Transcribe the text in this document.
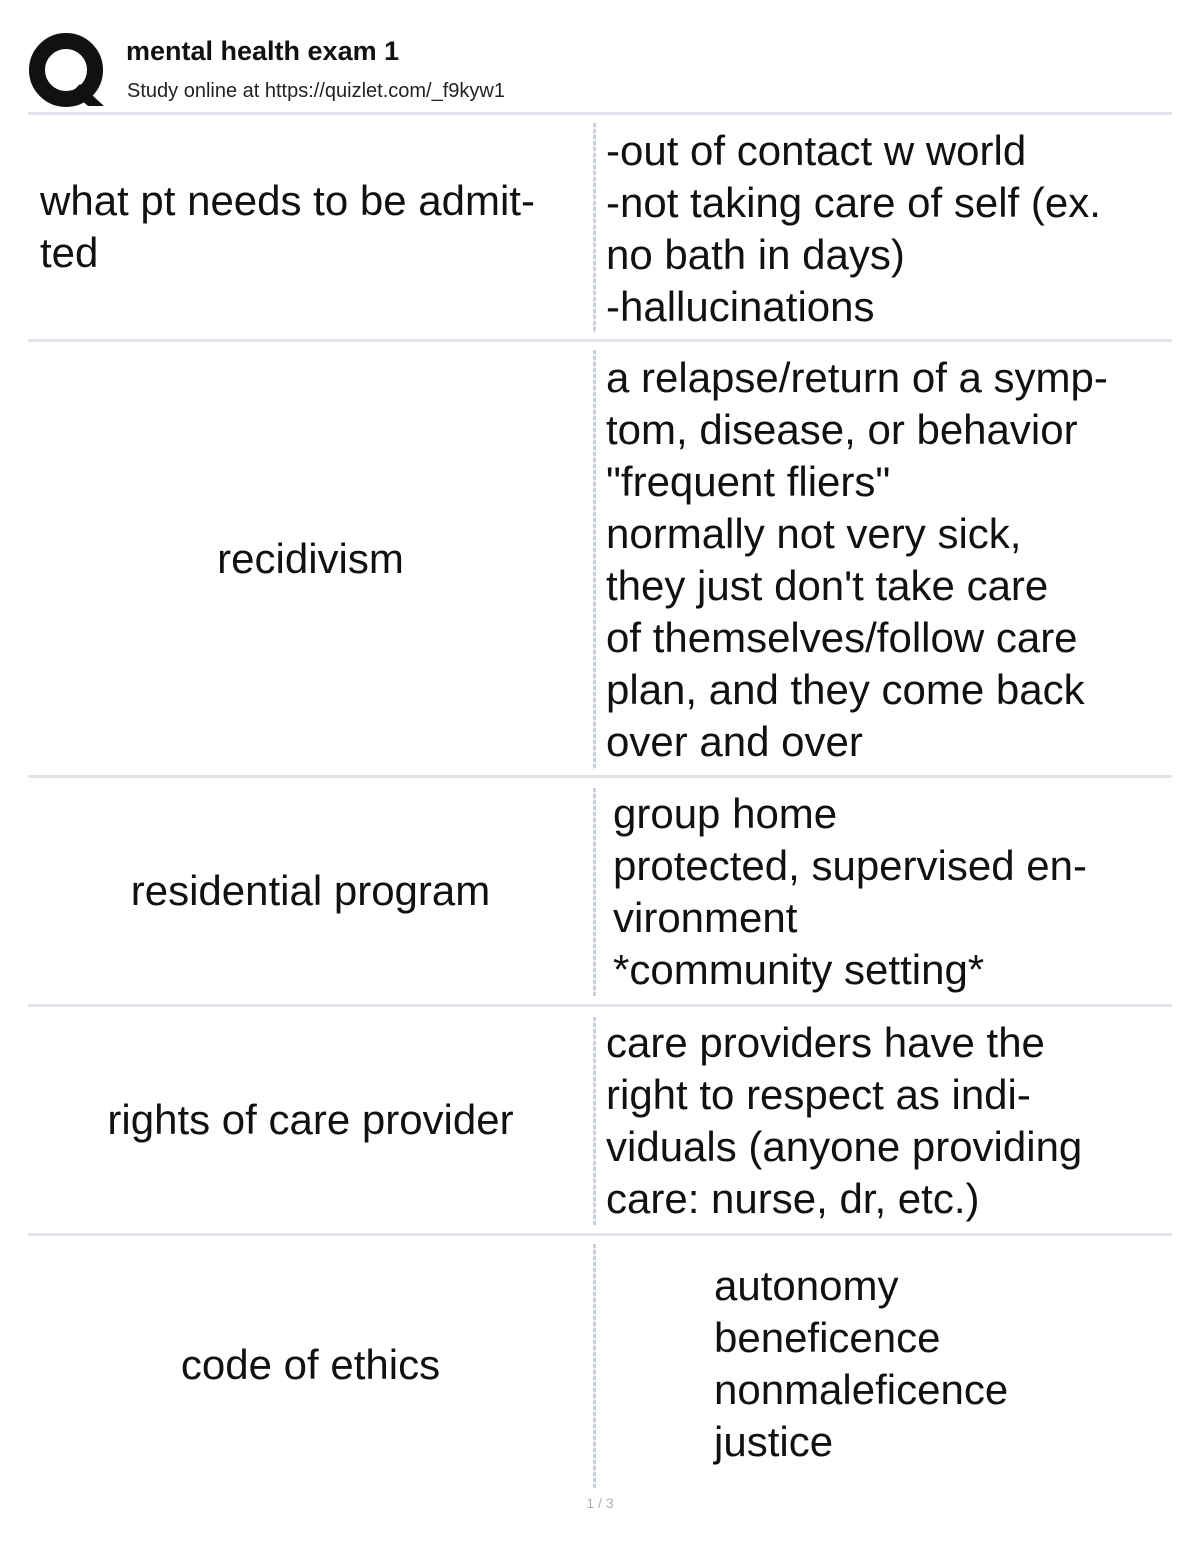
mental health exam 1
Study online at https://quizlet.com/_f9kyw1
what pt needs to be admit-
ted
-out of contact w world
-not taking care of self (ex.
no bath in days)
-hallucinations
recidivism
a relapse/return of a symp-
tom, disease, or behavior
"frequent fliers"
normally not very sick,
they just don't take care
of themselves/follow care
plan, and they come back
over and over
residential program
group home
protected, supervised en-
vironment
*community setting*
rights of care provider
care providers have the
right to respect as indi-
viduals (anyone providing
care: nurse, dr, etc.)
code of ethics
autonomy
beneficence
nonmaleficence
justice
1 / 3
